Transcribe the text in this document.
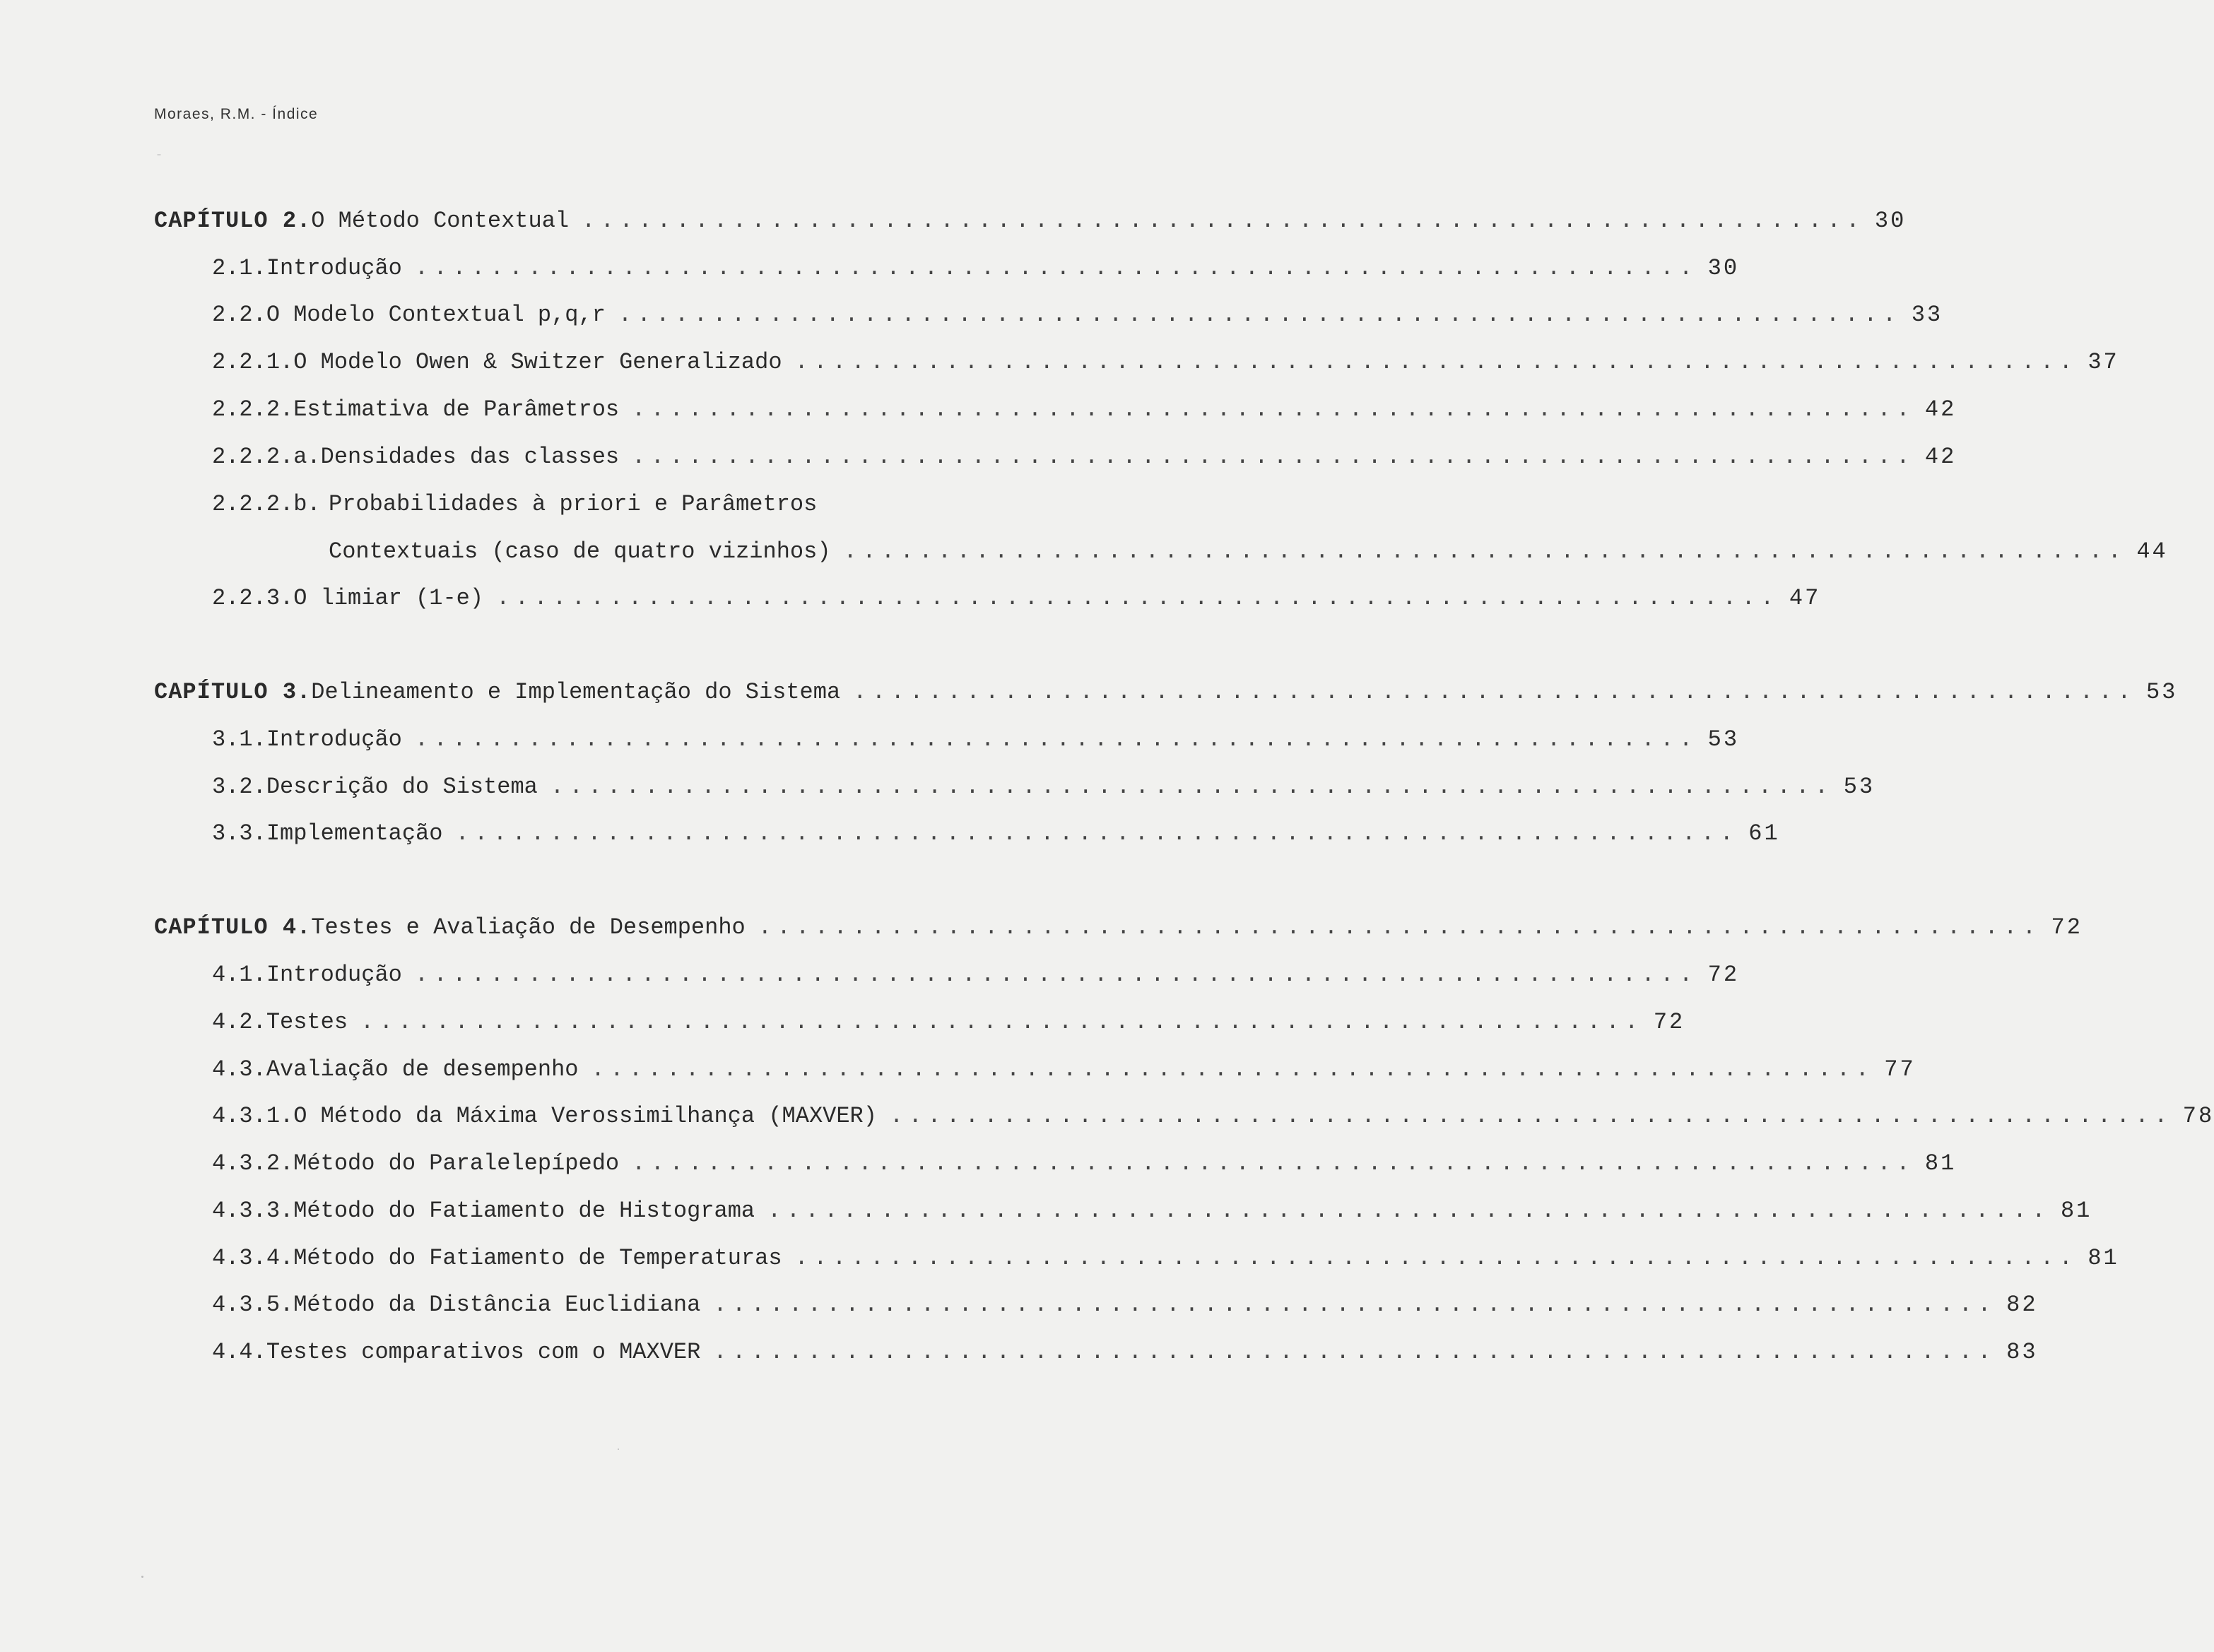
Moraes, R.M. - Índice
CAPÍTULO 2. O Método Contextual .................................................................... 30
2.1. Introdução .................................................................... 30
2.2. O Modelo Contextual p,q,r .................................................................... 33
2.2.1. O Modelo Owen & Switzer Generalizado .................................................................... 37
2.2.2. Estimativa de Parâmetros .................................................................... 42
2.2.2.a. Densidades das classes .................................................................... 42
2.2.2.b. Probabilidades à priori e Parâmetros
Contextuais (caso de quatro vizinhos) .................................................................... 44
2.2.3. O limiar (1-e) .................................................................... 47
CAPÍTULO 3. Delineamento e Implementação do Sistema .................................................................... 53
3.1. Introdução .................................................................... 53
3.2. Descrição do Sistema .................................................................... 53
3.3. Implementação .................................................................... 61
CAPÍTULO 4. Testes e Avaliação de Desempenho .................................................................... 72
4.1. Introdução .................................................................... 72
4.2. Testes .................................................................... 72
4.3. Avaliação de desempenho .................................................................... 77
4.3.1. O Método da Máxima Verossimilhança (MAXVER) .................................................................... 78
4.3.2. Método do Paralelepípedo .................................................................... 81
4.3.3. Método do Fatiamento de Histograma .................................................................... 81
4.3.4. Método do Fatiamento de Temperaturas .................................................................... 81
4.3.5. Método da Distância Euclidiana .................................................................... 82
4.4. Testes comparativos com o MAXVER .................................................................... 83
